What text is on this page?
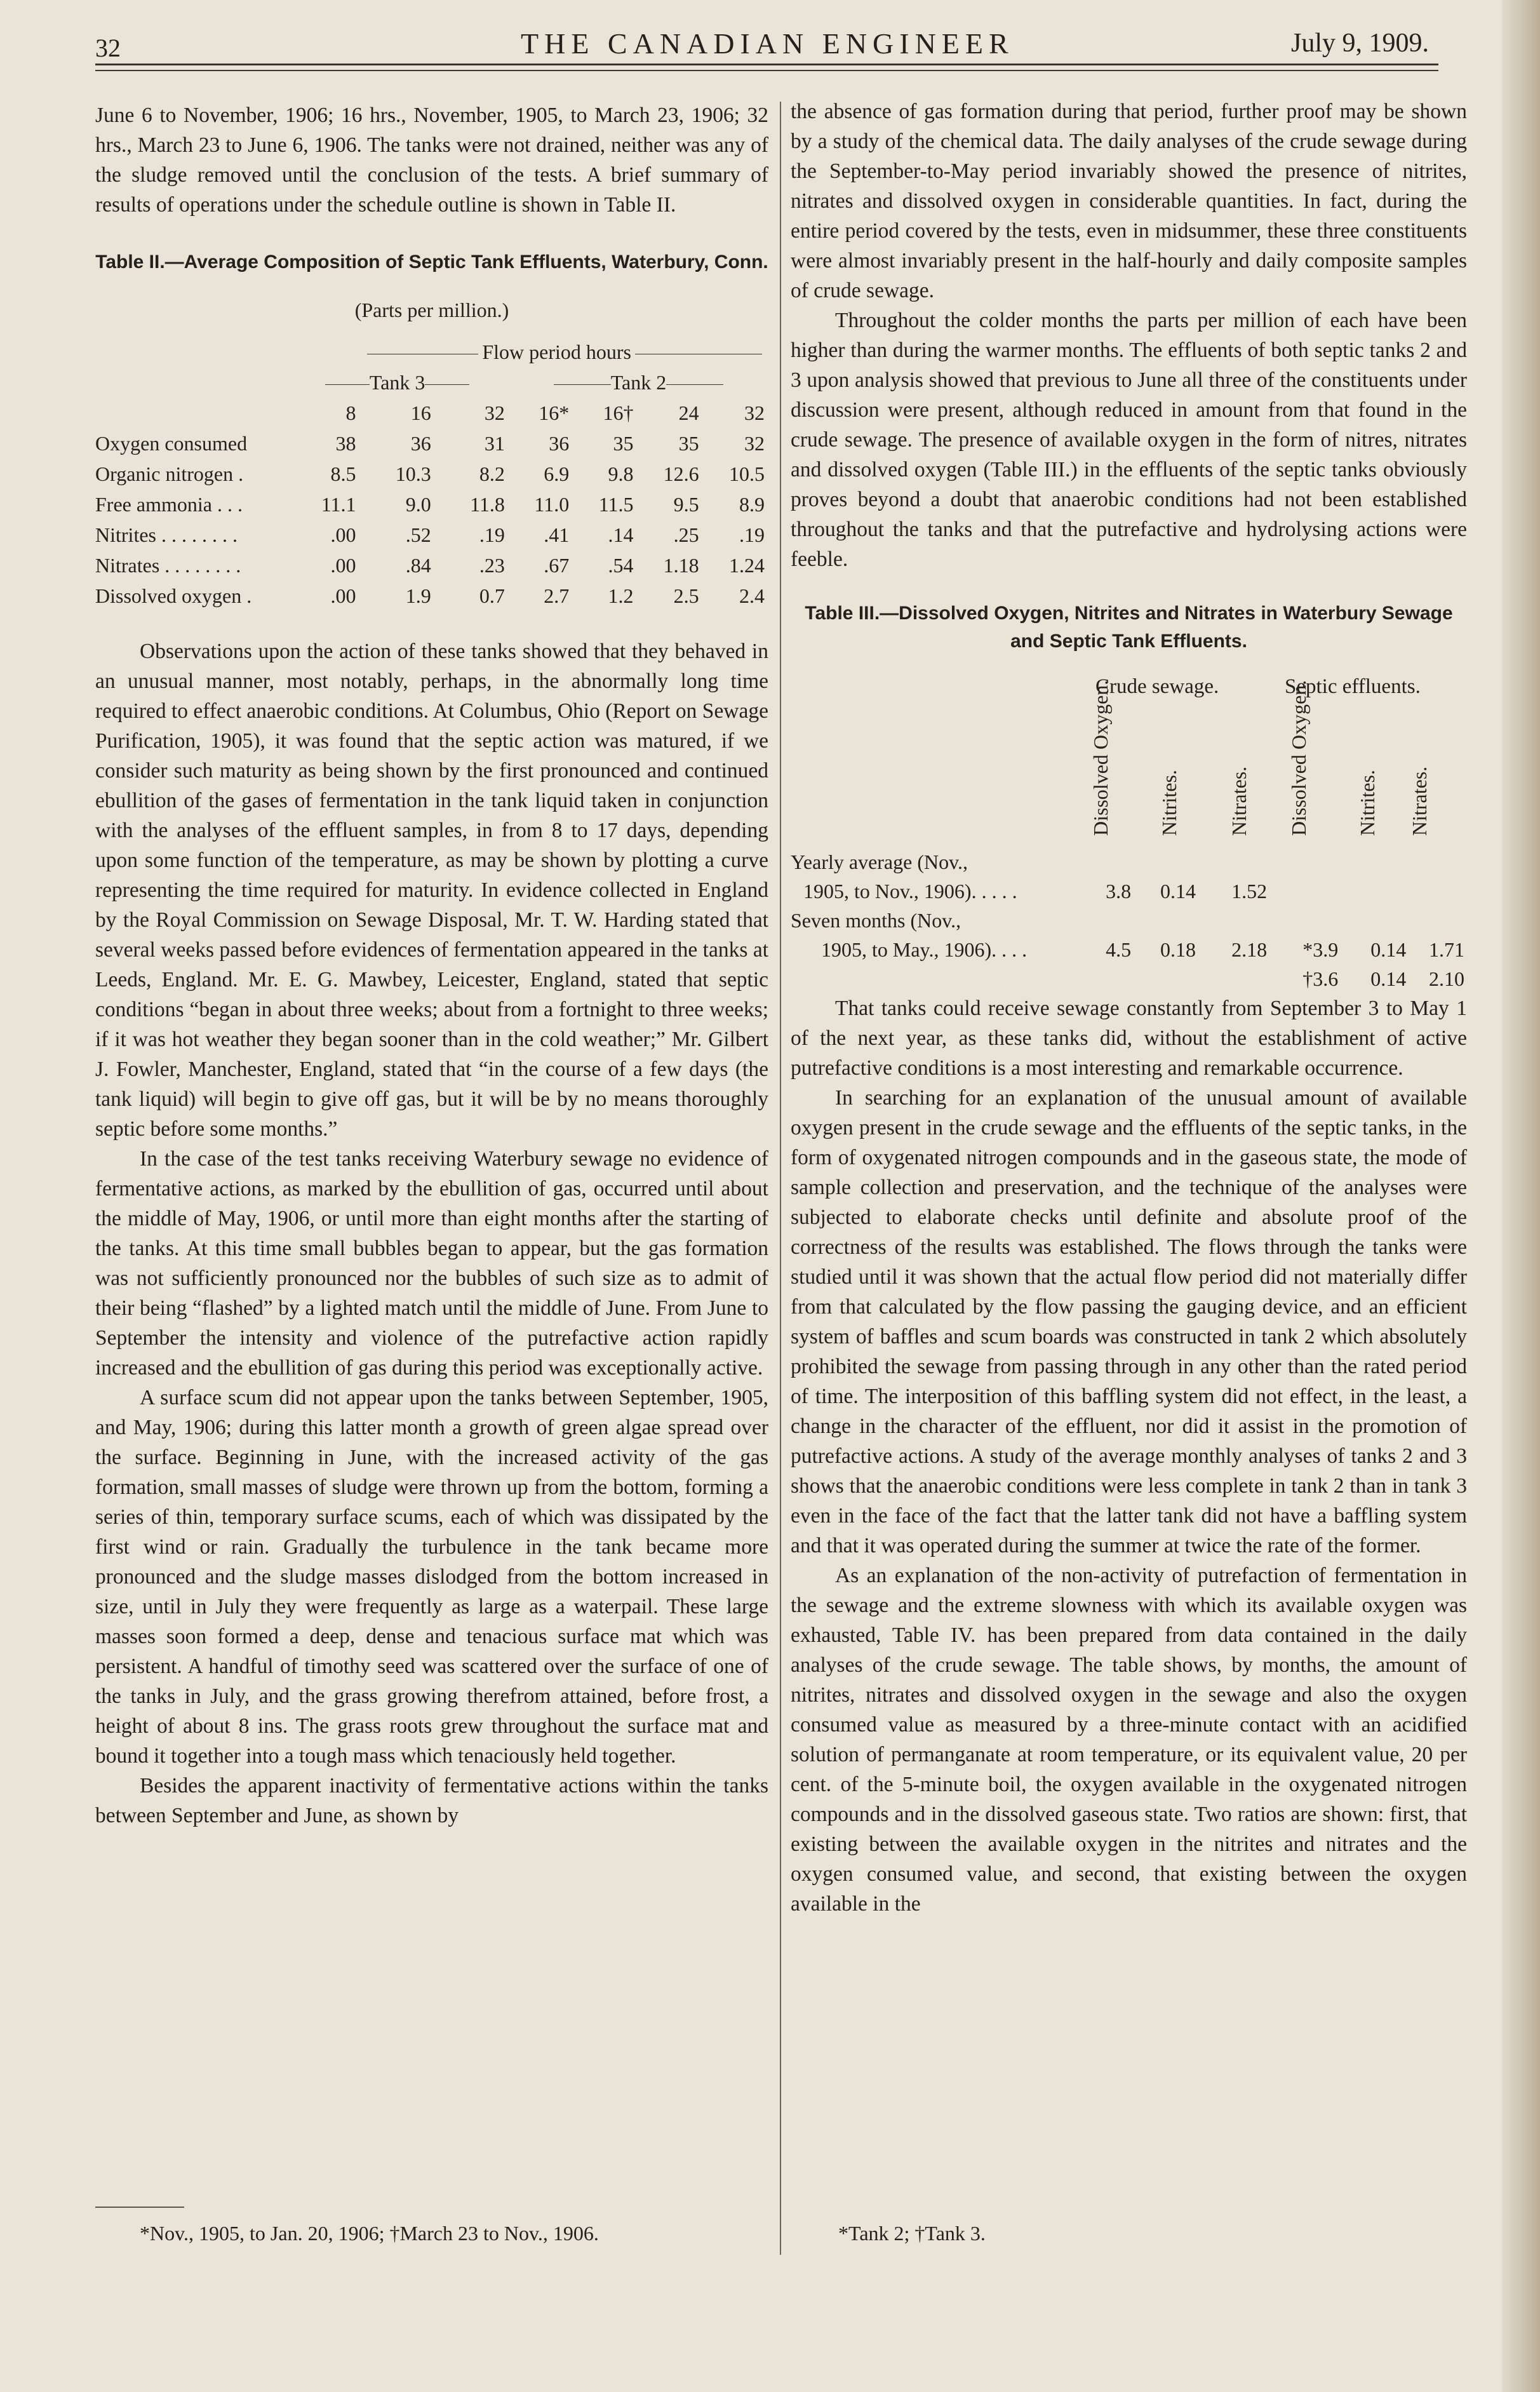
32	THE CANADIAN ENGINEER	July 9, 1909.

June 6 to November, 1906; 16 hrs., November, 1905, to March 23, 1906; 32 hrs., March 23 to June 6, 1906. The tanks were not drained, neither was any of the sludge removed until the conclusion of the tests. A brief summary of results of operations under the schedule outline is shown in Table II.

Table II.—Average Composition of Septic Tank Effluents, Waterbury, Conn.
(Parts per million.)
	Flow period hours						
	Tank 3			Tank 2			
	8	16	32	16*	16†	24	32
Oxygen consumed	38	36	31	36	35	35	32
Organic nitrogen .	8.5	10.3	8.2	6.9	9.8	12.6	10.5
Free ammonia . . .	11.1	9.0	11.8	11.0	11.5	9.5	8.9
Nitrites . . . . . . . .	.00	.52	.19	.41	.14	.25	.19
Nitrates . . . . . . . .	.00	.84	.23	.67	.54	1.18	1.24
Dissolved oxygen .	.00	1.9	0.7	2.7	1.2	2.5	2.4

Observations upon the action of these tanks showed that they behaved in an unusual manner, most notably, perhaps, in the abnormally long time required to effect anaerobic conditions. At Columbus, Ohio (Report on Sewage Purification, 1905), it was found that the septic action was matured, if we consider such maturity as being shown by the first pronounced and continued ebullition of the gases of fermentation in the tank liquid taken in conjunction with the analyses of the effluent samples, in from 8 to 17 days, depending upon some function of the temperature, as may be shown by plotting a curve representing the time required for maturity. In evidence collected in England by the Royal Commission on Sewage Disposal, Mr. T. W. Harding stated that several weeks passed before evidences of fermentation appeared in the tanks at Leeds, England. Mr. E. G. Mawbey, Leicester, England, stated that septic conditions “began in about three weeks; about from a fortnight to three weeks; if it was hot weather they began sooner than in the cold weather;” Mr. Gilbert J. Fowler, Manchester, England, stated that “in the course of a few days (the tank liquid) will begin to give off gas, but it will be by no means thoroughly septic before some months.”

In the case of the test tanks receiving Waterbury sewage no evidence of fermentative actions, as marked by the ebullition of gas, occurred until about the middle of May, 1906, or until more than eight months after the starting of the tanks. At this time small bubbles began to appear, but the gas formation was not sufficiently pronounced nor the bubbles of such size as to admit of their being “flashed” by a lighted match until the middle of June. From June to September the intensity and violence of the putrefactive action rapidly increased and the ebullition of gas during this period was exceptionally active.

A surface scum did not appear upon the tanks between September, 1905, and May, 1906; during this latter month a growth of green algae spread over the surface. Beginning in June, with the increased activity of the gas formation, small masses of sludge were thrown up from the bottom, forming a series of thin, temporary surface scums, each of which was dissipated by the first wind or rain. Gradually the turbulence in the tank became more pronounced and the sludge masses dislodged from the bottom increased in size, until in July they were frequently as large as a waterpail. These large masses soon formed a deep, dense and tenacious surface mat which was persistent. A handful of timothy seed was scattered over the surface of one of the tanks in July, and the grass growing therefrom attained, before frost, a height of about 8 ins. The grass roots grew throughout the surface mat and bound it together into a tough mass which tenaciously held together.

Besides the apparent inactivity of fermentative actions within the tanks between September and June, as shown by

*Nov., 1905, to Jan. 20, 1906; †March 23 to Nov., 1906.

the absence of gas formation during that period, further proof may be shown by a study of the chemical data. The daily analyses of the crude sewage during the September-to-May period invariably showed the presence of nitrites, nitrates and dissolved oxygen in considerable quantities. In fact, during the entire period covered by the tests, even in midsummer, these three constituents were almost invariably present in the half-hourly and daily composite samples of crude sewage.

Throughout the colder months the parts per million of each have been higher than during the warmer months. The effluents of both septic tanks 2 and 3 upon analysis showed that previous to June all three of the constituents under discussion were present, although reduced in amount from that found in the crude sewage. The presence of available oxygen in the form of nitres, nitrates and dissolved oxygen (Table III.) in the effluents of the septic tanks obviously proves beyond a doubt that anaerobic conditions had not been established throughout the tanks and that the putrefactive and hydrolysing actions were feeble.

Table III.—Dissolved Oxygen, Nitrites and Nitrates in Waterbury Sewage and Septic Tank Effluents.
Crude sewage.	Septic effluents.
Dissolved Oxygen. Nitrites. Nitrates. Dissolved Oxygen. Nitrites. Nitrates.
Yearly average (Nov.,						
1905, to Nov., 1906). . . . .	3.8	0.14	1.52			
Seven months (Nov.,						
1905, to May., 1906). . . .	4.5	0.18	2.18	*3.9	0.14	1.71
				†3.6	0.14	2.10

That tanks could receive sewage constantly from September 3 to May 1 of the next year, as these tanks did, without the establishment of active putrefactive conditions is a most interesting and remarkable occurrence.

In searching for an explanation of the unusual amount of available oxygen present in the crude sewage and the effluents of the septic tanks, in the form of oxygenated nitrogen compounds and in the gaseous state, the mode of sample collection and preservation, and the technique of the analyses were subjected to elaborate checks until definite and absolute proof of the correctness of the results was established. The flows through the tanks were studied until it was shown that the actual flow period did not materially differ from that calculated by the flow passing the gauging device, and an efficient system of baffles and scum boards was constructed in tank 2 which absolutely prohibited the sewage from passing through in any other than the rated period of time. The interposition of this baffling system did not effect, in the least, a change in the character of the effluent, nor did it assist in the promotion of putrefactive actions. A study of the average monthly analyses of tanks 2 and 3 shows that the anaerobic conditions were less complete in tank 2 than in tank 3 even in the face of the fact that the latter tank did not have a baffling system and that it was operated during the summer at twice the rate of the former.

As an explanation of the non-activity of putrefaction of fermentation in the sewage and the extreme slowness with which its available oxygen was exhausted, Table IV. has been prepared from data contained in the daily analyses of the crude sewage. The table shows, by months, the amount of nitrites, nitrates and dissolved oxygen in the sewage and also the oxygen consumed value as measured by a three-minute contact with an acidified solution of permanganate at room temperature, or its equivalent value, 20 per cent. of the 5-minute boil, the oxygen available in the oxygenated nitrogen compounds and in the dissolved gaseous state. Two ratios are shown: first, that existing between the available oxygen in the nitrites and nitrates and the oxygen consumed value, and second, that existing between the oxygen available in the

*Tank 2; †Tank 3.
